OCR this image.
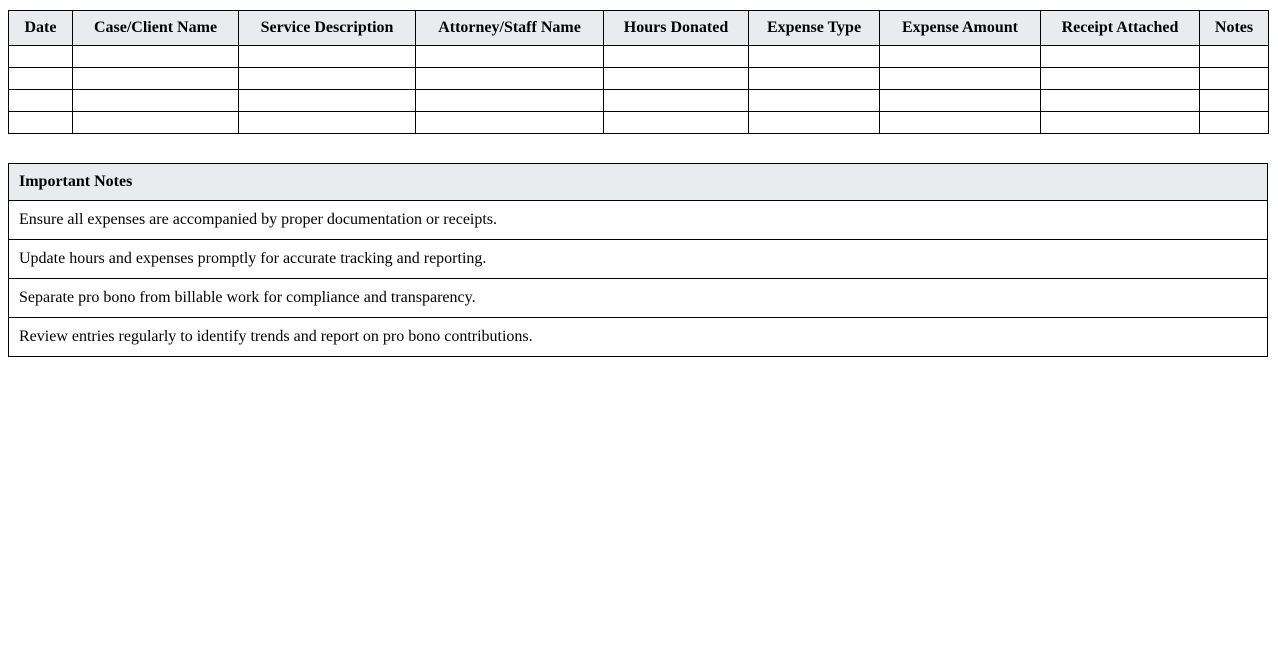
Date	Case/Client Name	Service Description	Attorney/Staff Name	Hours Donated	Expense Type	Expense Amount	Receipt Attached	Notes

Important Notes
Ensure all expenses are accompanied by proper documentation or receipts.
Update hours and expenses promptly for accurate tracking and reporting.
Separate pro bono from billable work for compliance and transparency.
Review entries regularly to identify trends and report on pro bono contributions.
